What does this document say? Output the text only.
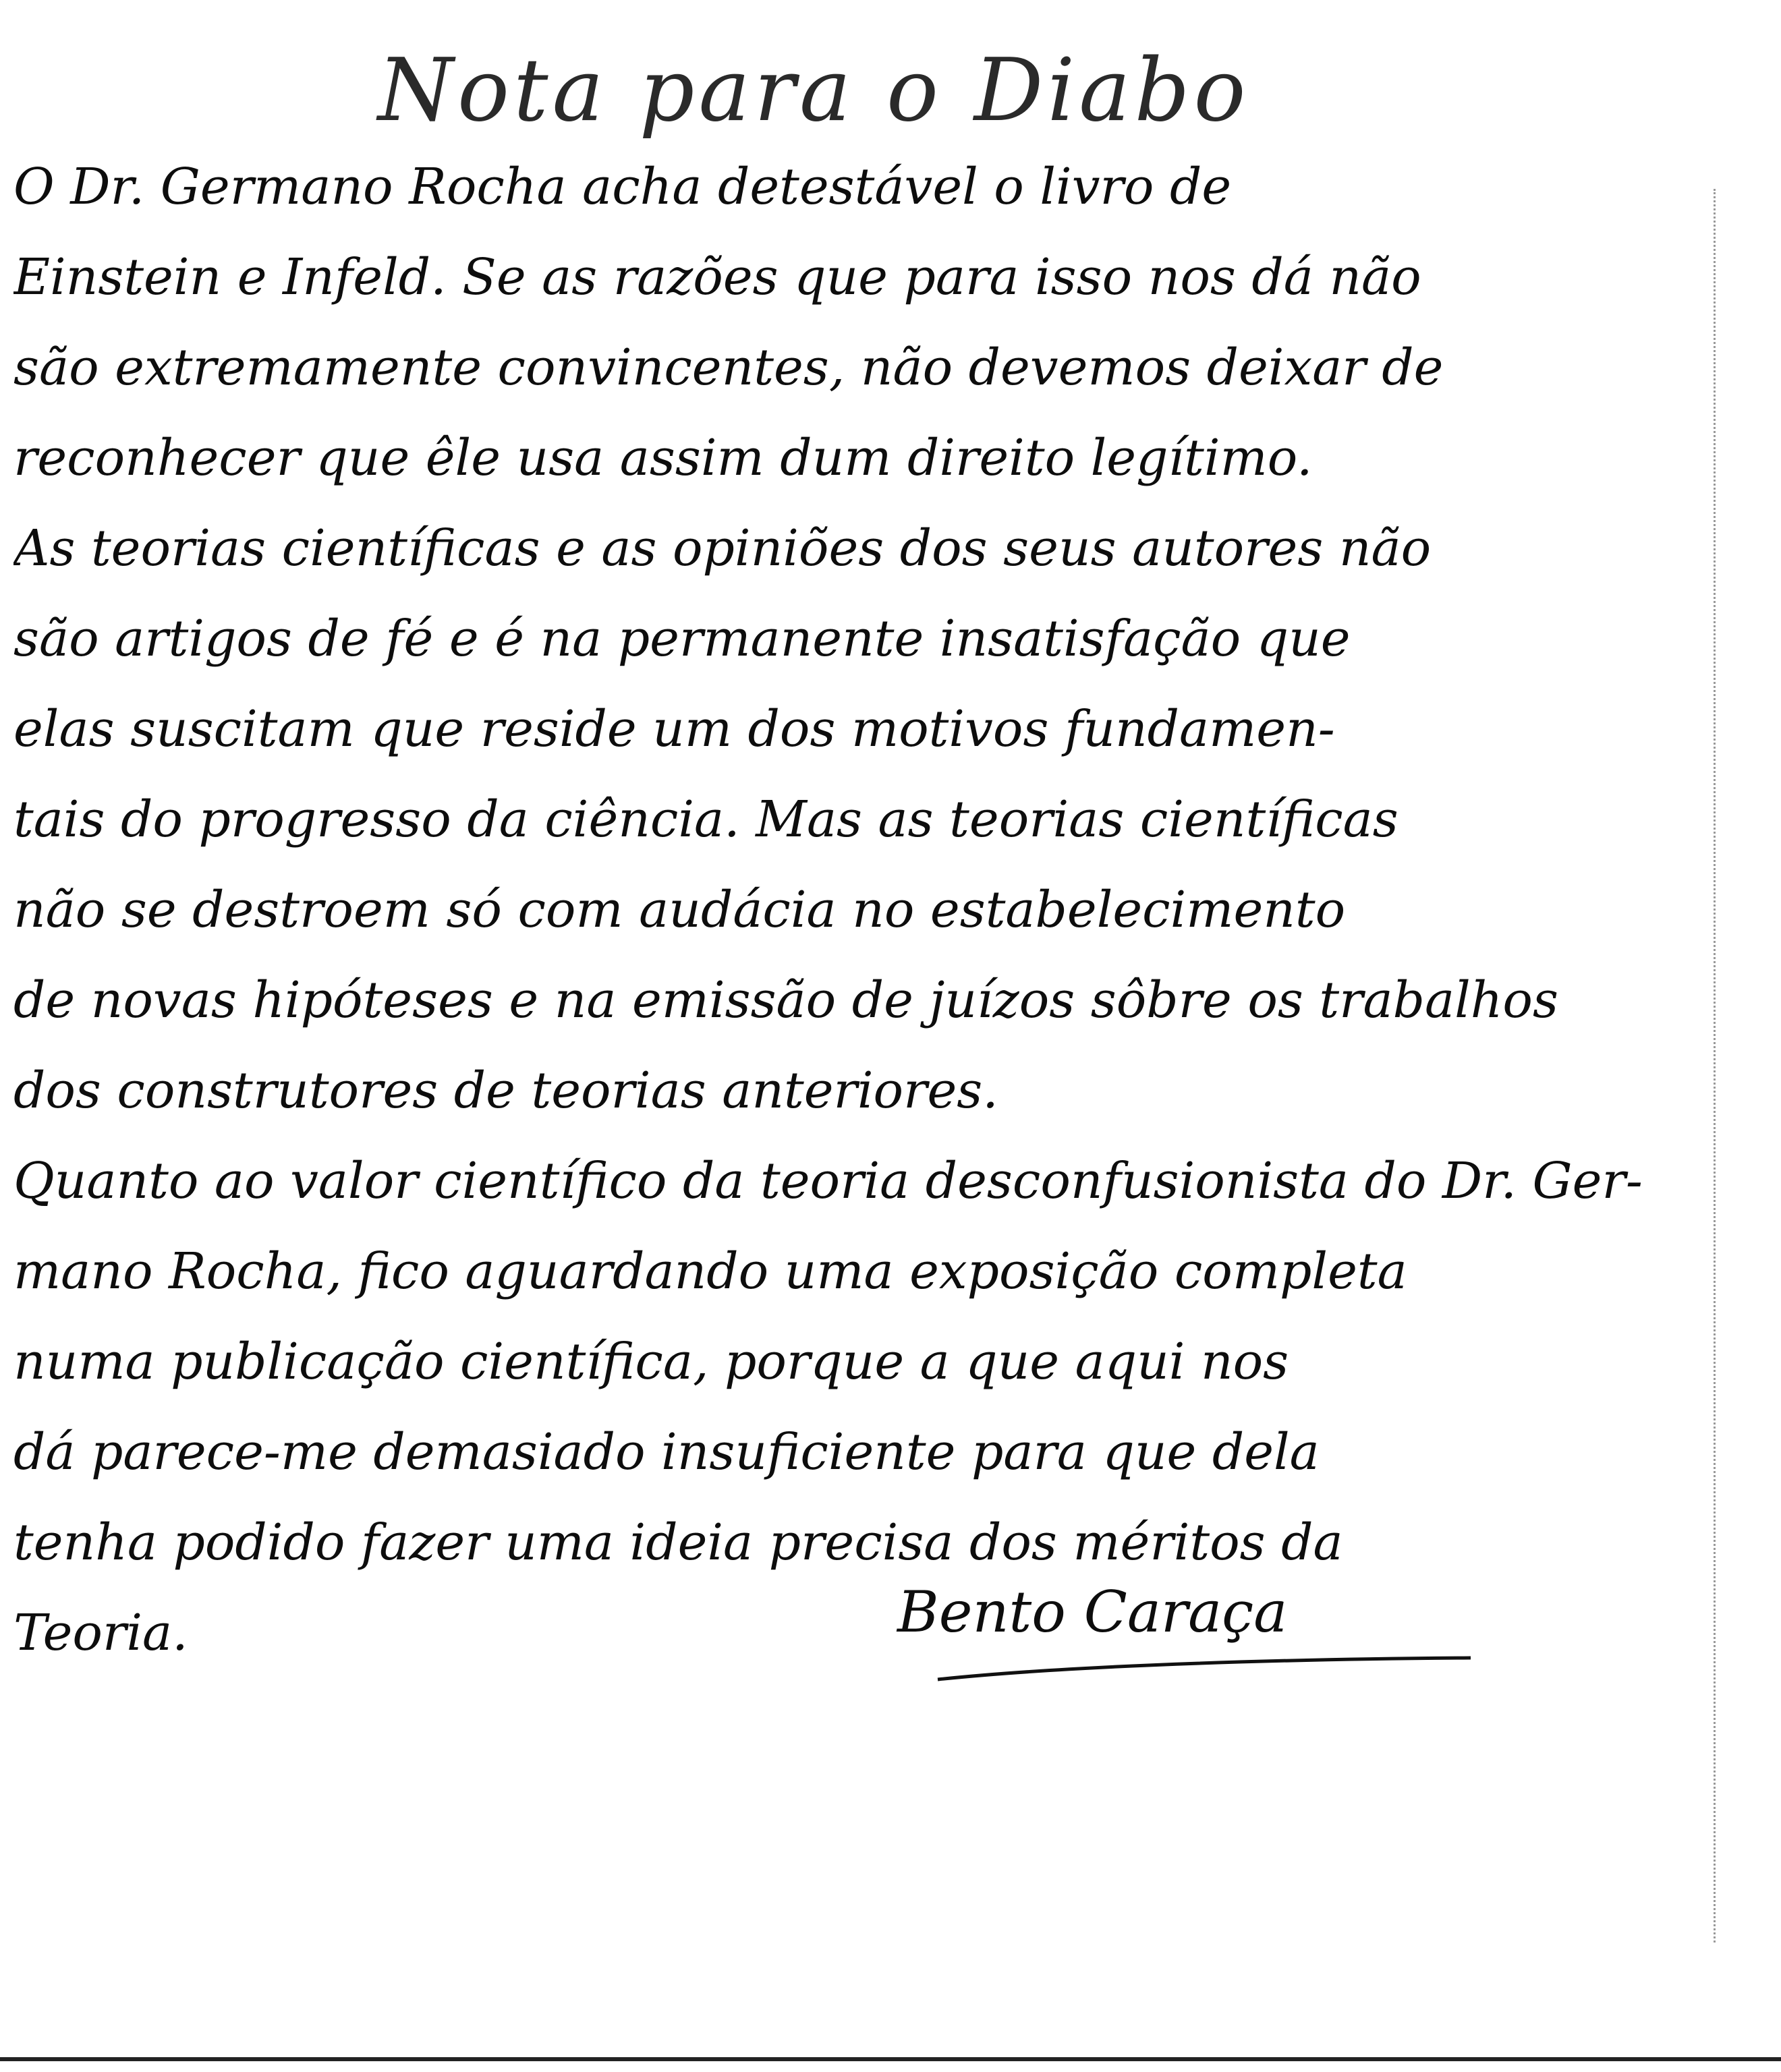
Nota para o Diabo
O Dr. Germano Rocha acha detestável o livro de
Einstein e Infeld. Se as razões que para isso nos dá não
são extremamente convincentes, não devemos deixar de
reconhecer que êle usa assim dum direito legítimo.
As teorias científicas e as opiniões dos seus autores não
são artigos de fé e é na permanente insatisfação que
elas suscitam que reside um dos motivos fundamen-
tais do progresso da ciência. Mas as teorias científicas
não se destroem só com audácia no estabelecimento
de novas hipóteses e na emissão de juízos sôbre os trabalhos
dos construtores de teorias anteriores.
Quanto ao valor científico da teoria desconfusionista do Dr. Ger-
mano Rocha, fico aguardando uma exposição completa
numa publicação científica, porque a que aqui nos
dá parece-me demasiado insuficiente para que dela
tenha podido fazer uma ideia precisa dos méritos da
Teoria.	Bento Caraça
